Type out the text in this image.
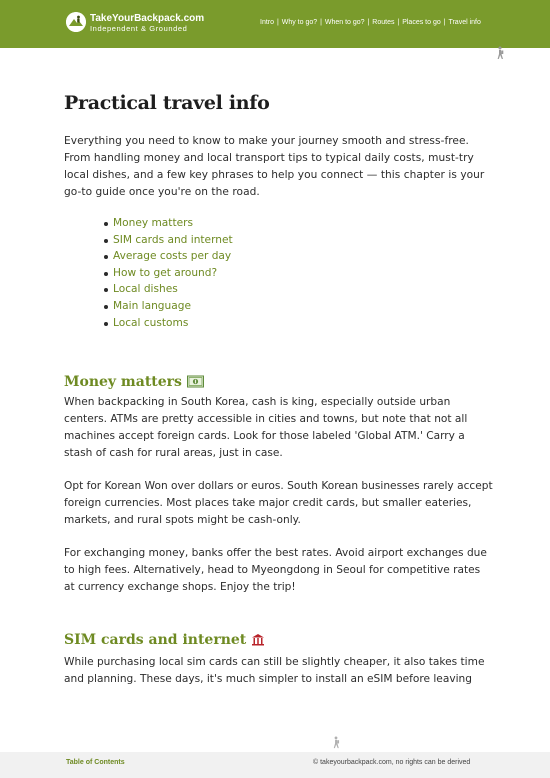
TakeYourBackpack.com
Independent & Grounded
Intro | Why to go? | When to go? | Routes | Places to go | Travel info
Practical travel info

Everything you need to know to make your journey smooth and stress-free. From handling money and local transport tips to typical daily costs, must-try local dishes, and a few key phrases to help you connect — this chapter is your go-to guide once you're on the road.

Money matters
SIM cards and internet
Average costs per day
How to get around?
Local dishes
Main language
Local customs
Money matters

When backpacking in South Korea, cash is king, especially outside urban centers. ATMs are pretty accessible in cities and towns, but note that not all machines accept foreign cards. Look for those labeled 'Global ATM.' Carry a stash of cash for rural areas, just in case.

Opt for Korean Won over dollars or euros. South Korean businesses rarely accept foreign currencies. Most places take major credit cards, but smaller eateries, markets, and rural spots might be cash-only.

For exchanging money, banks offer the best rates. Avoid airport exchanges due to high fees. Alternatively, head to Myeongdong in Seoul for competitive rates at currency exchange shops. Enjoy the trip!

SIM cards and internet

While purchasing local sim cards can still be slightly cheaper, it also takes time and planning. These days, it's much simpler to install an eSIM before leaving

Table of Contents	© takeyourbackpack.com, no rights can be derived
